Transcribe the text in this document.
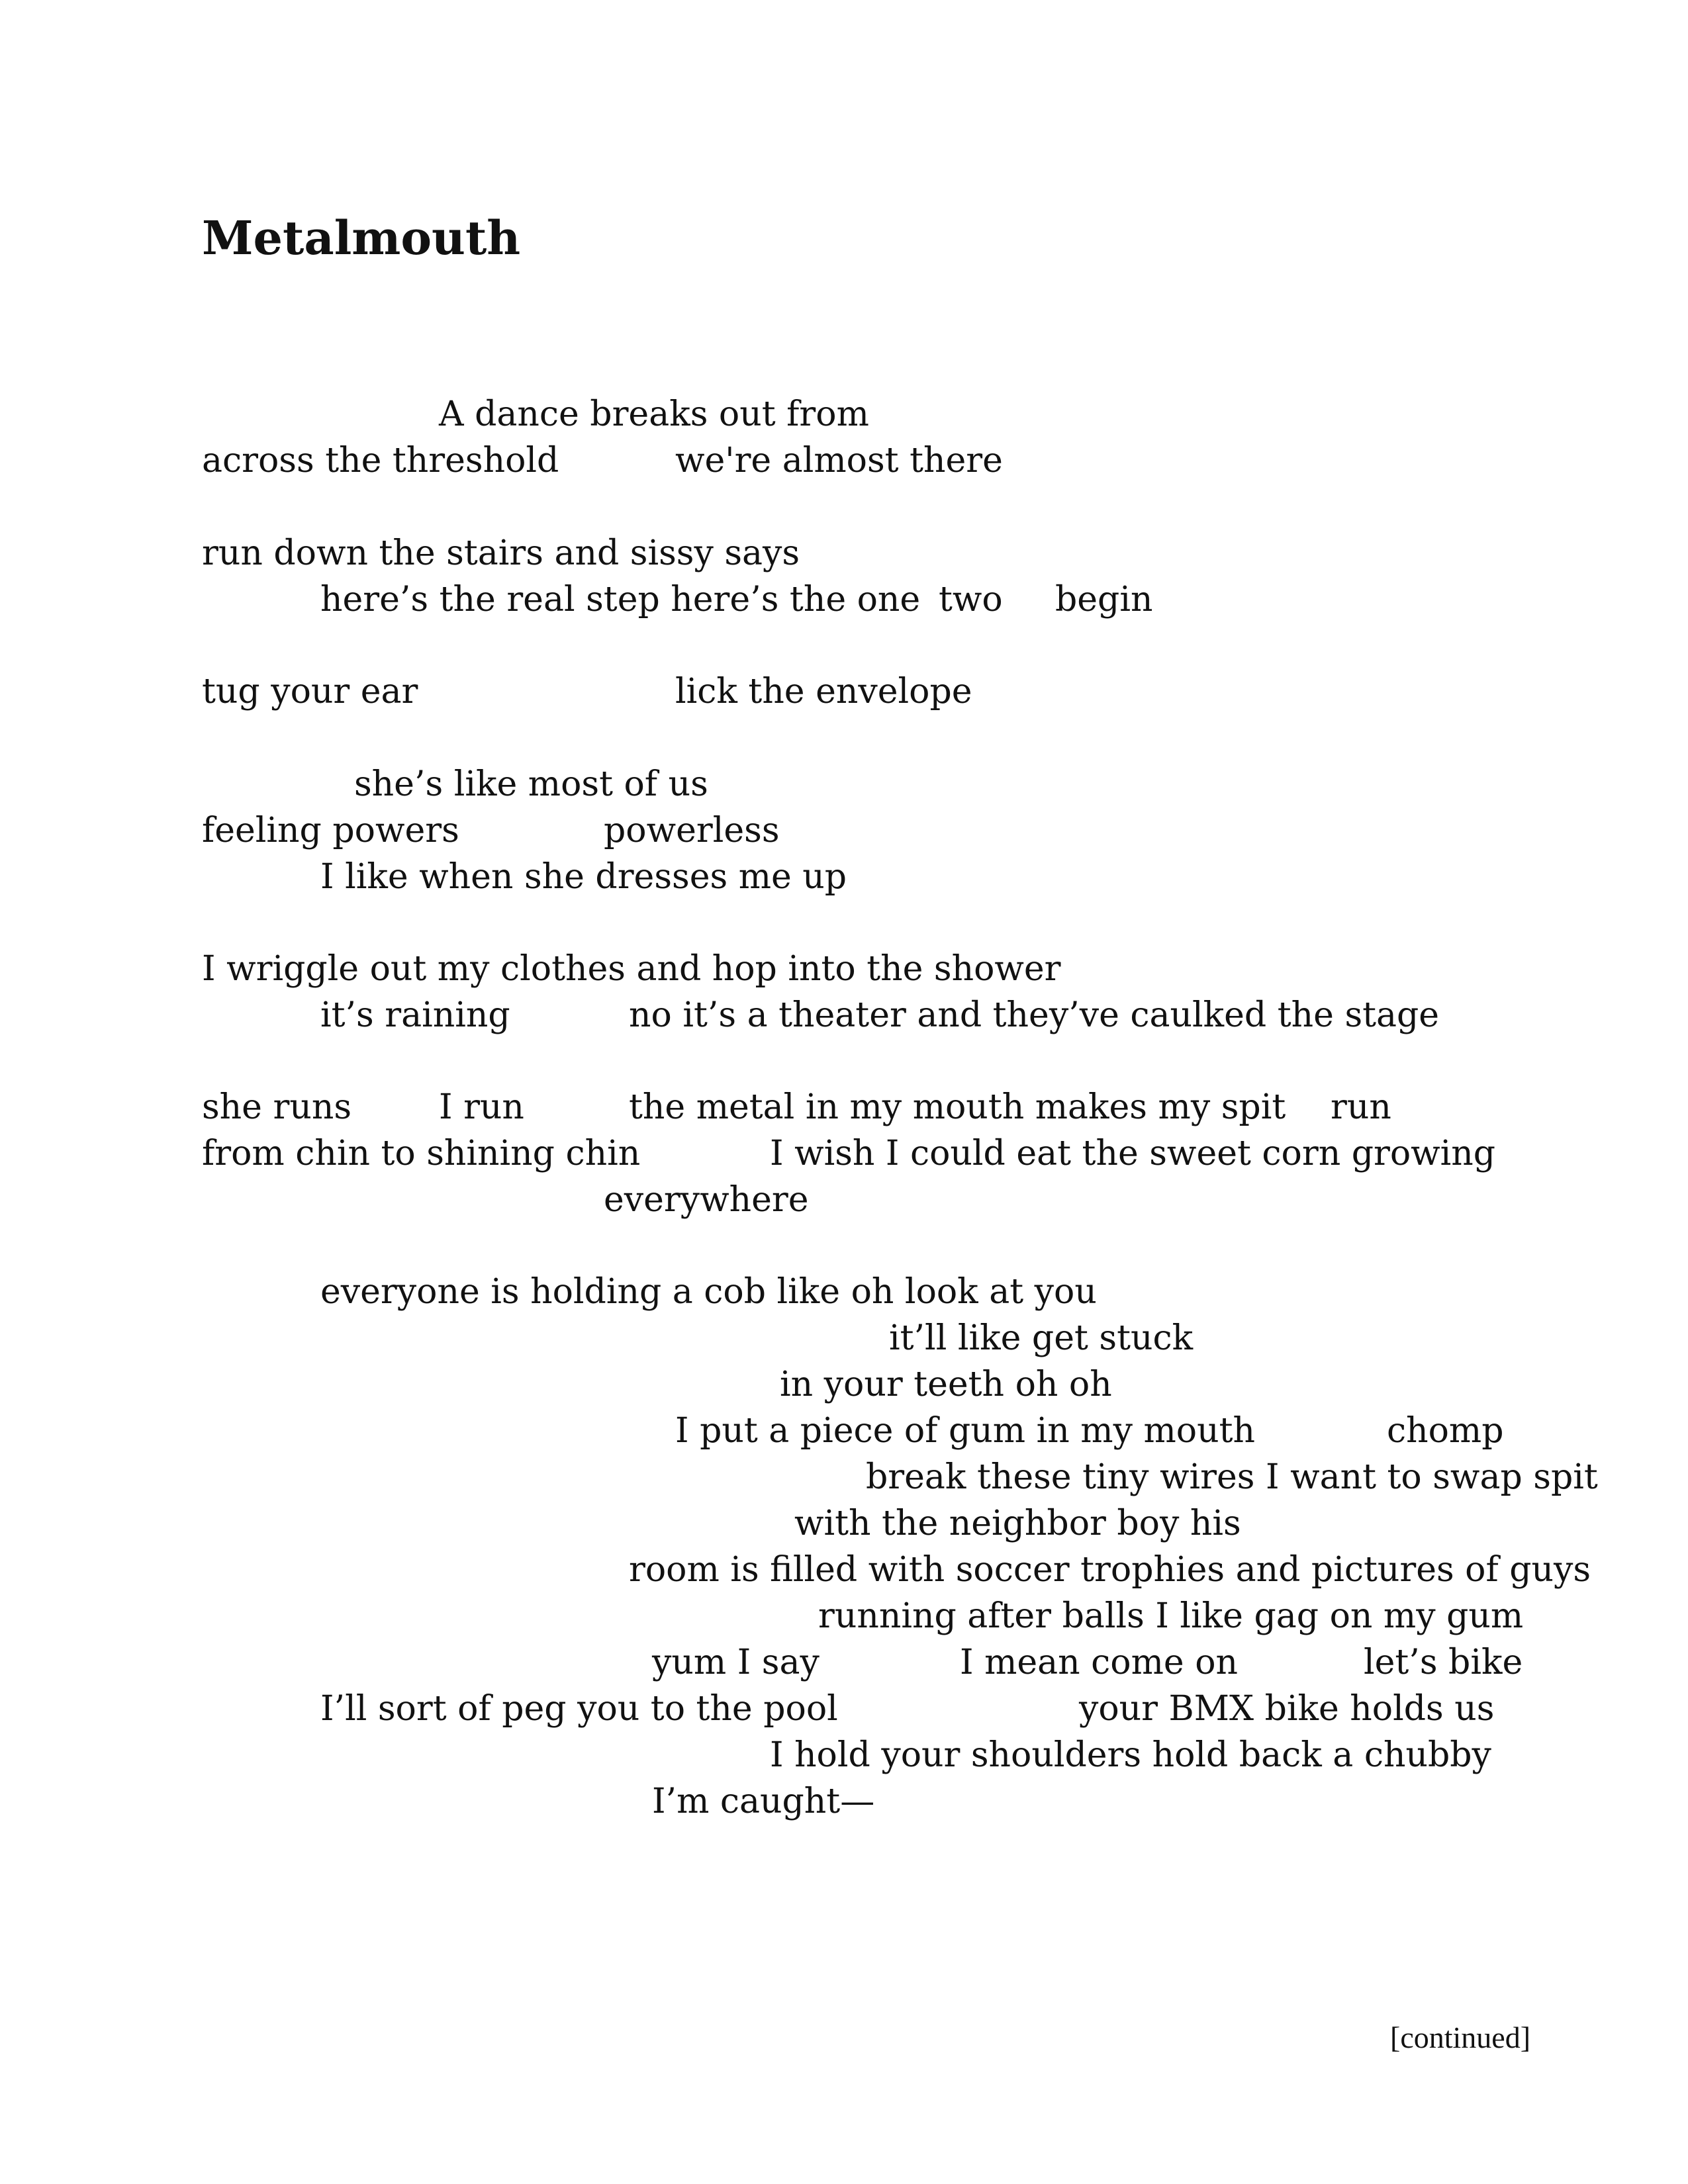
Metalmouth
A dance breaks out from
across the threshold	we're almost there
run down the stairs and sissy says
here’s the real step here’s the one two begin
tug your ear	lick the envelope
she’s like most of us
feeling powers	powerless
I like when she dresses me up
I wriggle out my clothes and hop into the shower
it’s raining	no it’s a theater and they’ve caulked the stage
she runs	I run	the metal in my mouth makes my spit run
from chin to shining chin	I wish I could eat the sweet corn growing
everywhere
everyone is holding a cob like oh look at you
it’ll like get stuck
in your teeth oh oh
I put a piece of gum in my mouth	chomp
break these tiny wires I want to swap spit
with the neighbor boy his
room is filled with soccer trophies and pictures of guys
running after balls I like gag on my gum
yum I say	I mean come on	let’s bike
I’ll sort of peg you to the pool	your BMX bike holds us
I hold your shoulders hold back a chubby
I’m caught—
[continued]
